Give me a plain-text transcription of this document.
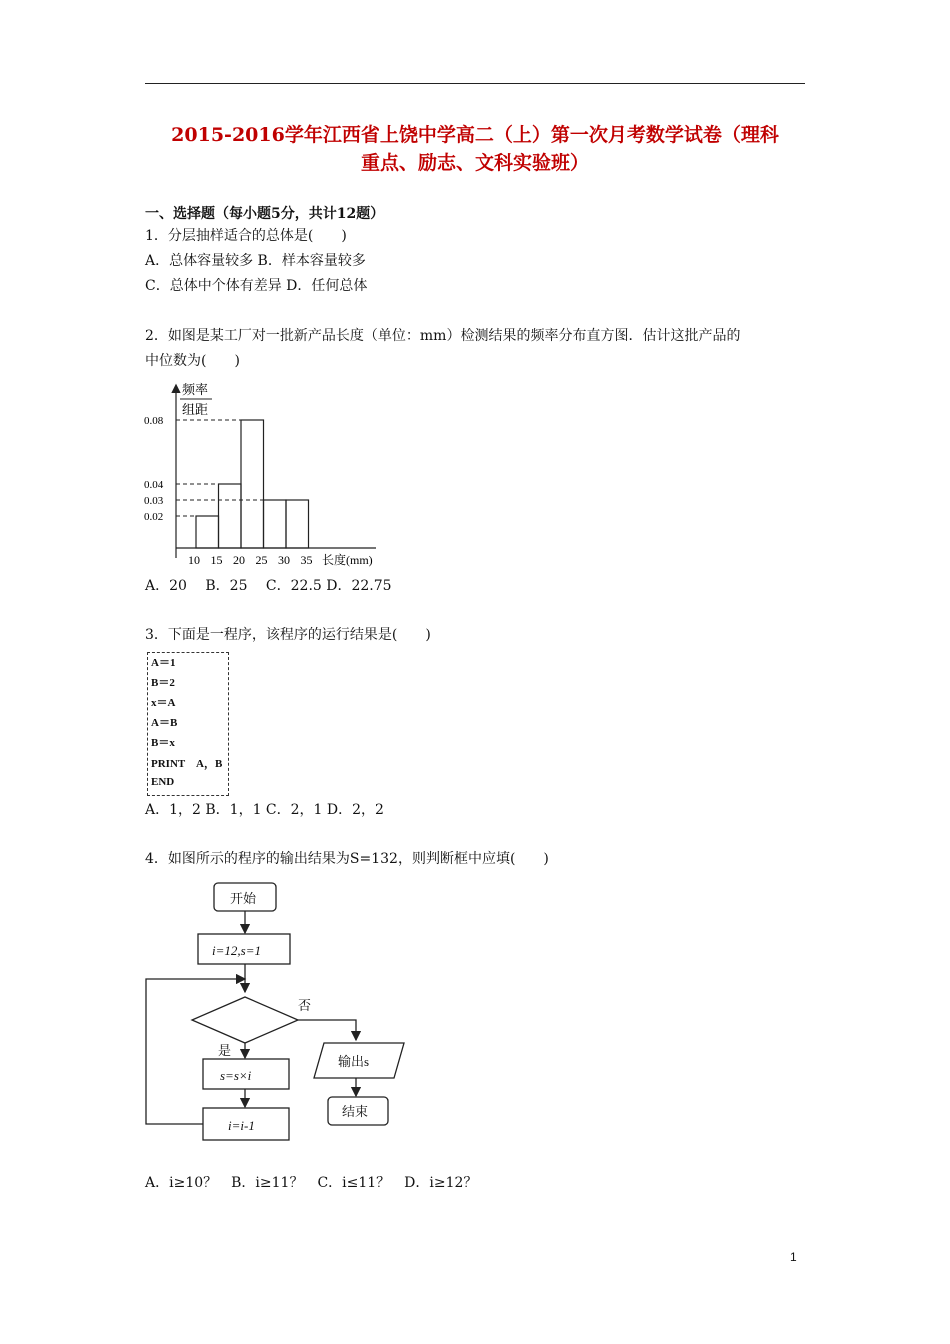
2015-2016学年江西省上饶中学高二（上）第一次月考数学试卷（理科
重点、励志、文科实验班）
一、选择题（每小题5分，共计12题）
1．分层抽样适合的总体是(　　)
A．总体容量较多 B．样本容量较多
C．总体中个体有差异 D．任何总体
2．如图是某工厂对一批新产品长度（单位：mm）检测结果的频率分布直方图．估计这批产品的
中位数为(　　)
0.08
0.04
0.03
0.02
10 15 20 25 30 35
频率
组距
长度(mm)
A．20　 B．25　 C．22.5 D．22.75
3．下面是一程序，该程序的运行结果是(　　)
A＝1
B＝2
x＝A
A＝B
B＝x
PRINT　A，B
END
A．1，2 B．1，1 C．2，1 D．2，2
4．如图所示的程序的输出结果为S=132，则判断框中应填(　　)
开始
i=12,s=1
否
是
s=s×i
i=i-1
输出s
结束
A．i≥10？　B．i≥11？　C．i≤11？　D．i≥12？
1
